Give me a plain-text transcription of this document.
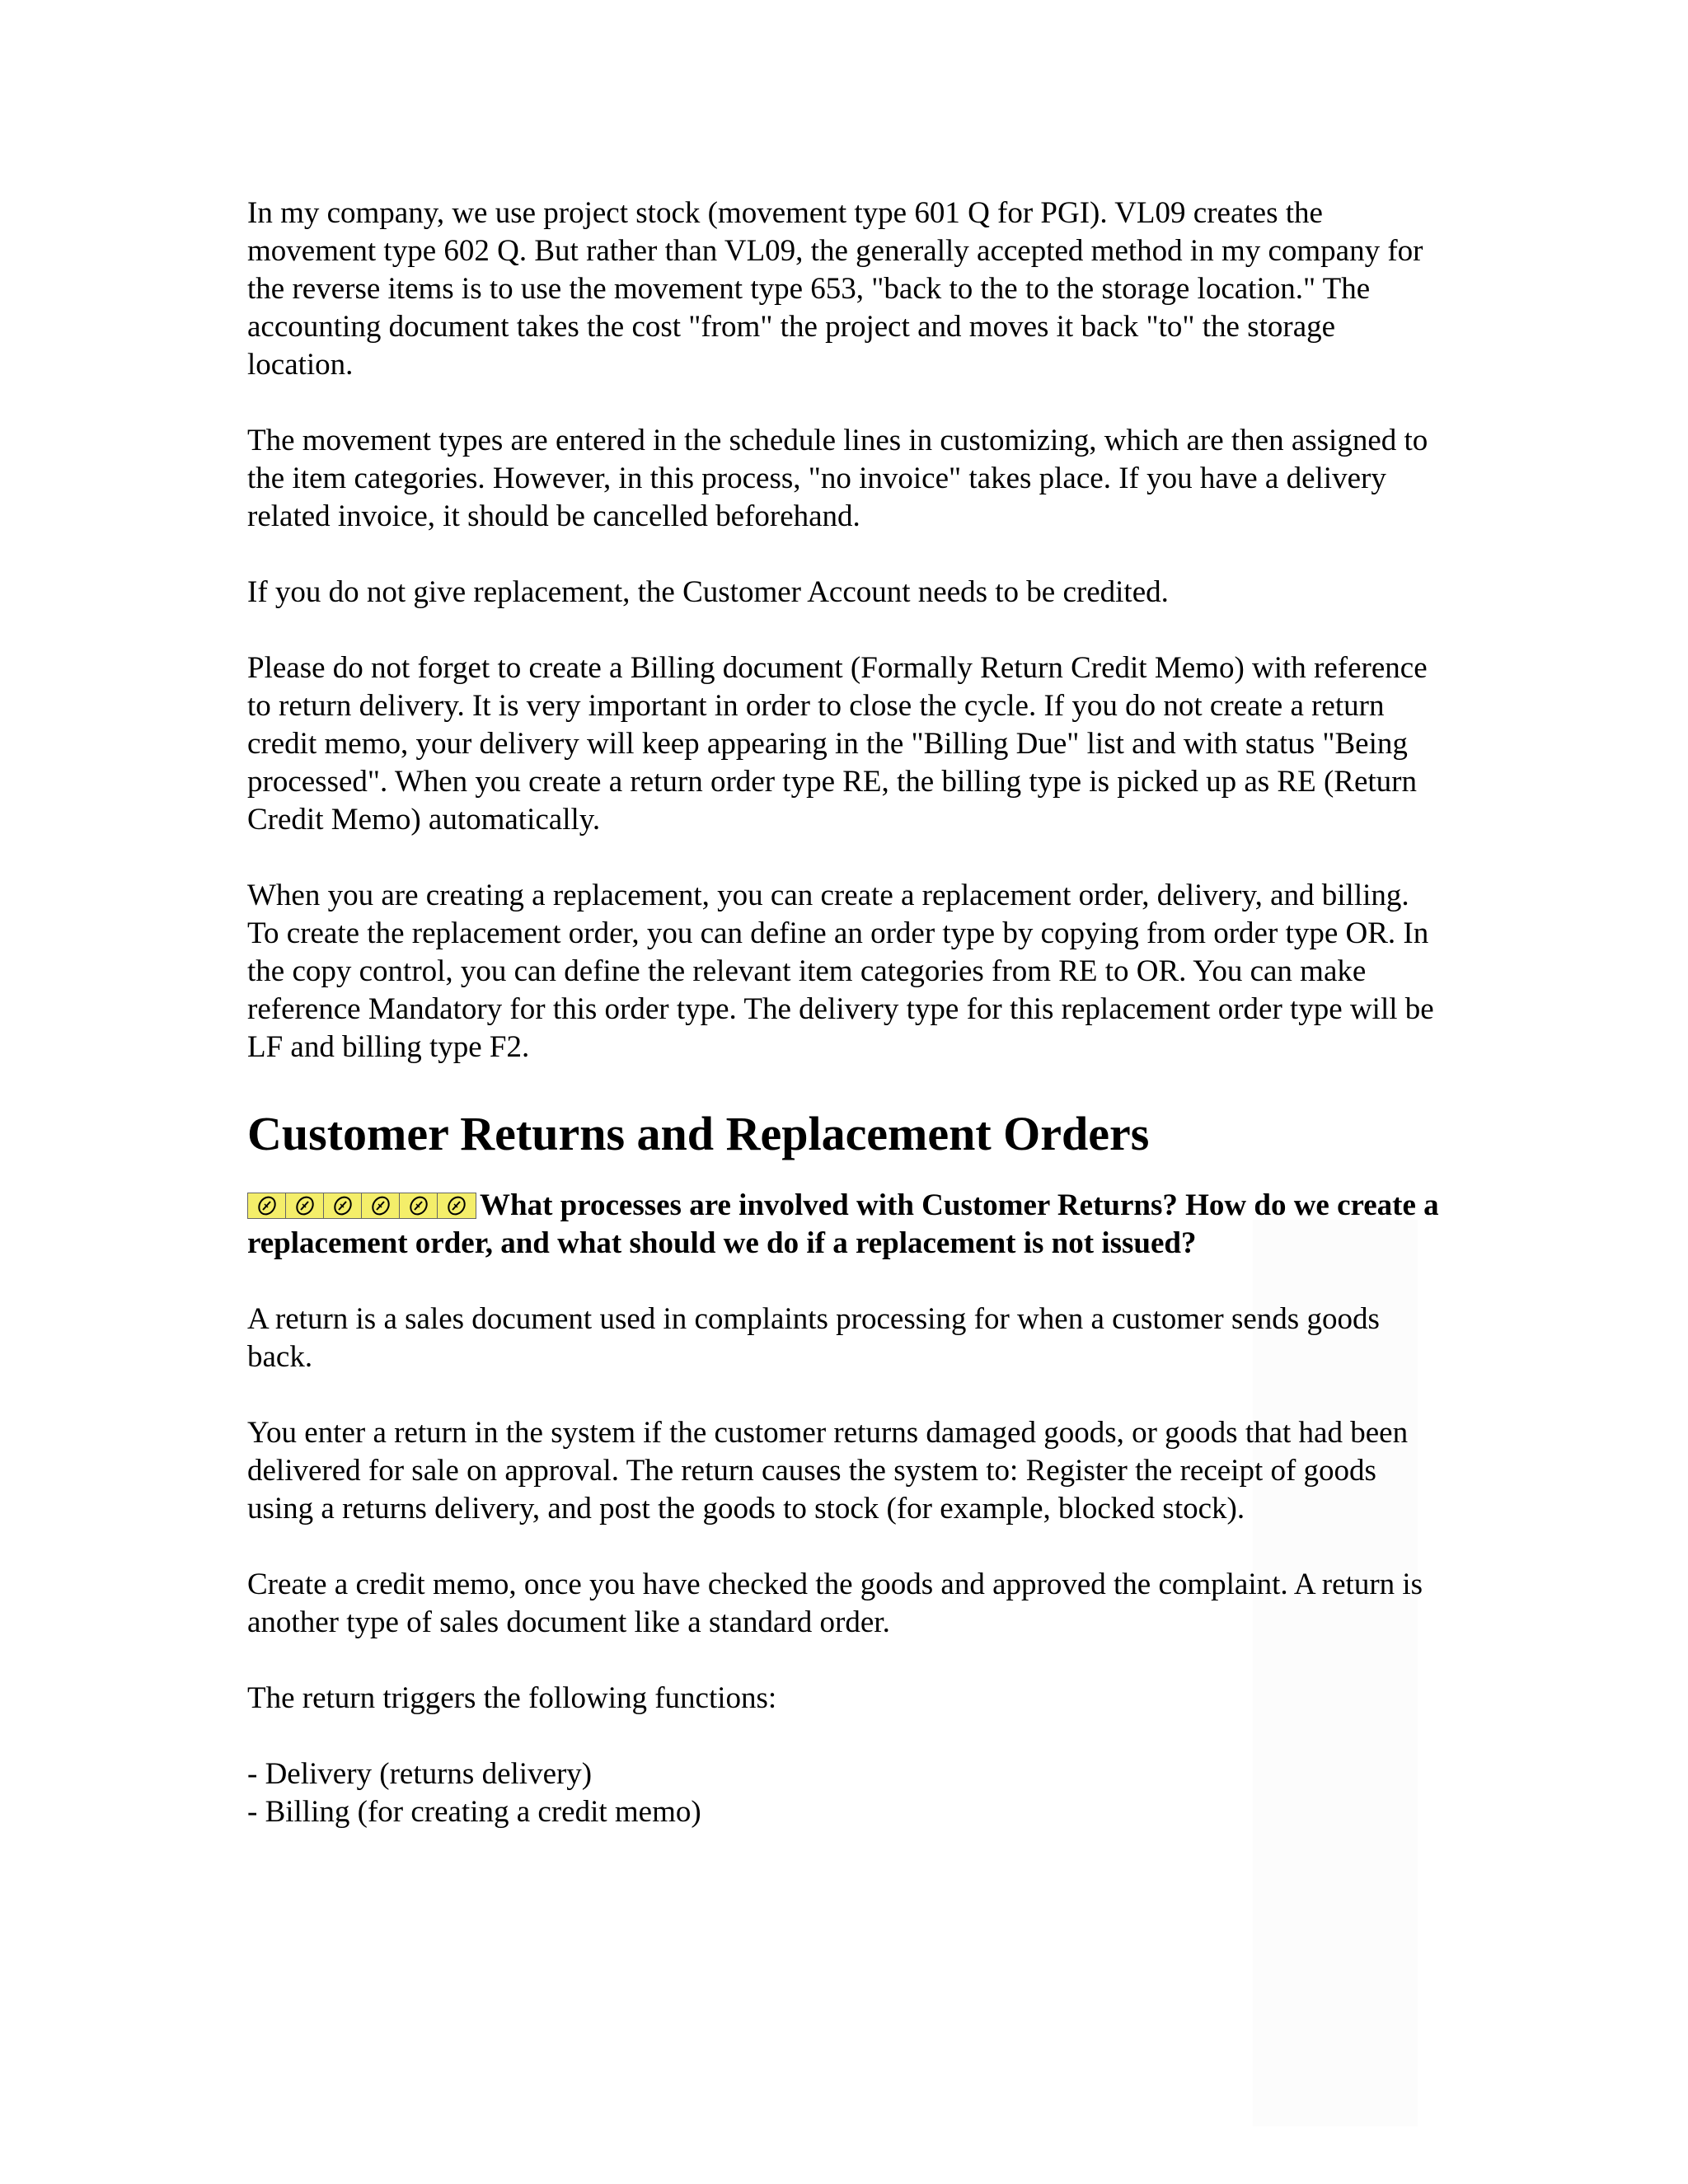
In my company, we use project stock (movement type 601 Q for PGI). VL09 creates the movement type 602 Q. But rather than VL09, the generally accepted method in my company for the reverse items is to use the movement type 653, "back to the to the storage location." The accounting document takes the cost "from" the project and moves it back "to" the storage location.

The movement types are entered in the schedule lines in customizing, which are then assigned to the item categories. However, in this process, "no invoice" takes place. If you have a delivery related invoice, it should be cancelled beforehand.

If you do not give replacement, the Customer Account needs to be credited.

Please do not forget to create a Billing document (Formally Return Credit Memo) with reference to return delivery. It is very important in order to close the cycle. If you do not create a return credit memo, your delivery will keep appearing in the "Billing Due" list and with status "Being processed". When you create a return order type RE, the billing type is picked up as RE (Return Credit Memo) automatically.

When you are creating a replacement, you can create a replacement order, delivery, and billing. To create the replacement order, you can define an order type by copying from order type OR. In the copy control, you can define the relevant item categories from RE to OR. You can make reference Mandatory for this order type. The delivery type for this replacement order type will be LF and billing type F2.

Customer Returns and Replacement Orders

What processes are involved with Customer Returns? How do we create a replacement order, and what should we do if a replacement is not issued?

A return is a sales document used in complaints processing for when a customer sends goods back.

You enter a return in the system if the customer returns damaged goods, or goods that had been delivered for sale on approval. The return causes the system to: Register the receipt of goods using a returns delivery, and post the goods to stock (for example, blocked stock).

Create a credit memo, once you have checked the goods and approved the complaint. A return is another type of sales document like a standard order.

The return triggers the following functions:

- Delivery (returns delivery)

- Billing (for creating a credit memo)
